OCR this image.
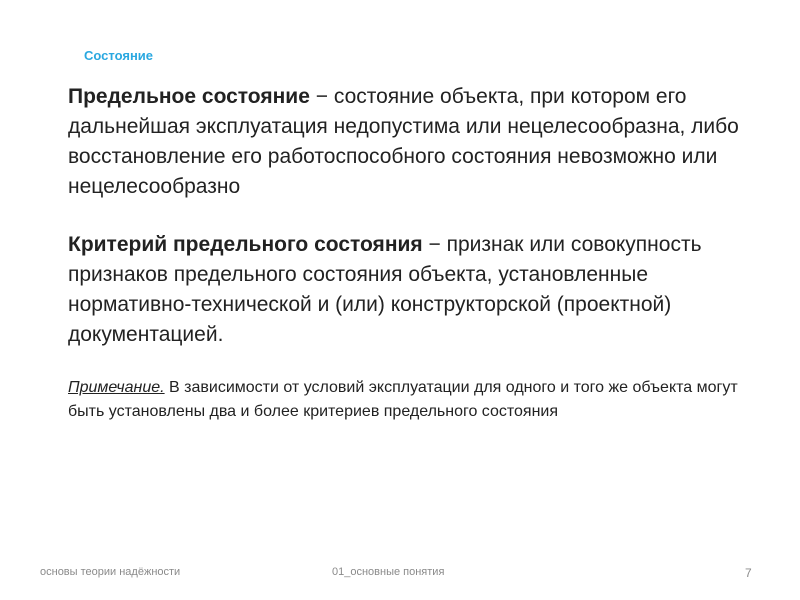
Состояние

Предельное состояние − состояние объекта, при котором его дальнейшая эксплуатация недопустима или нецелесообразна, либо восстановление его работоспособного состояния невозможно или нецелесообразно

Критерий предельного состояния − признак или совокупность признаков предельного состояния объекта, установленные нормативно-технической и (или) конструкторской (проектной) документацией.

Примечание. В зависимости от условий эксплуатации для одного и того же объекта могут быть установлены два и более критериев предельного состояния
основы теории надёжности	01_основные понятия	7
